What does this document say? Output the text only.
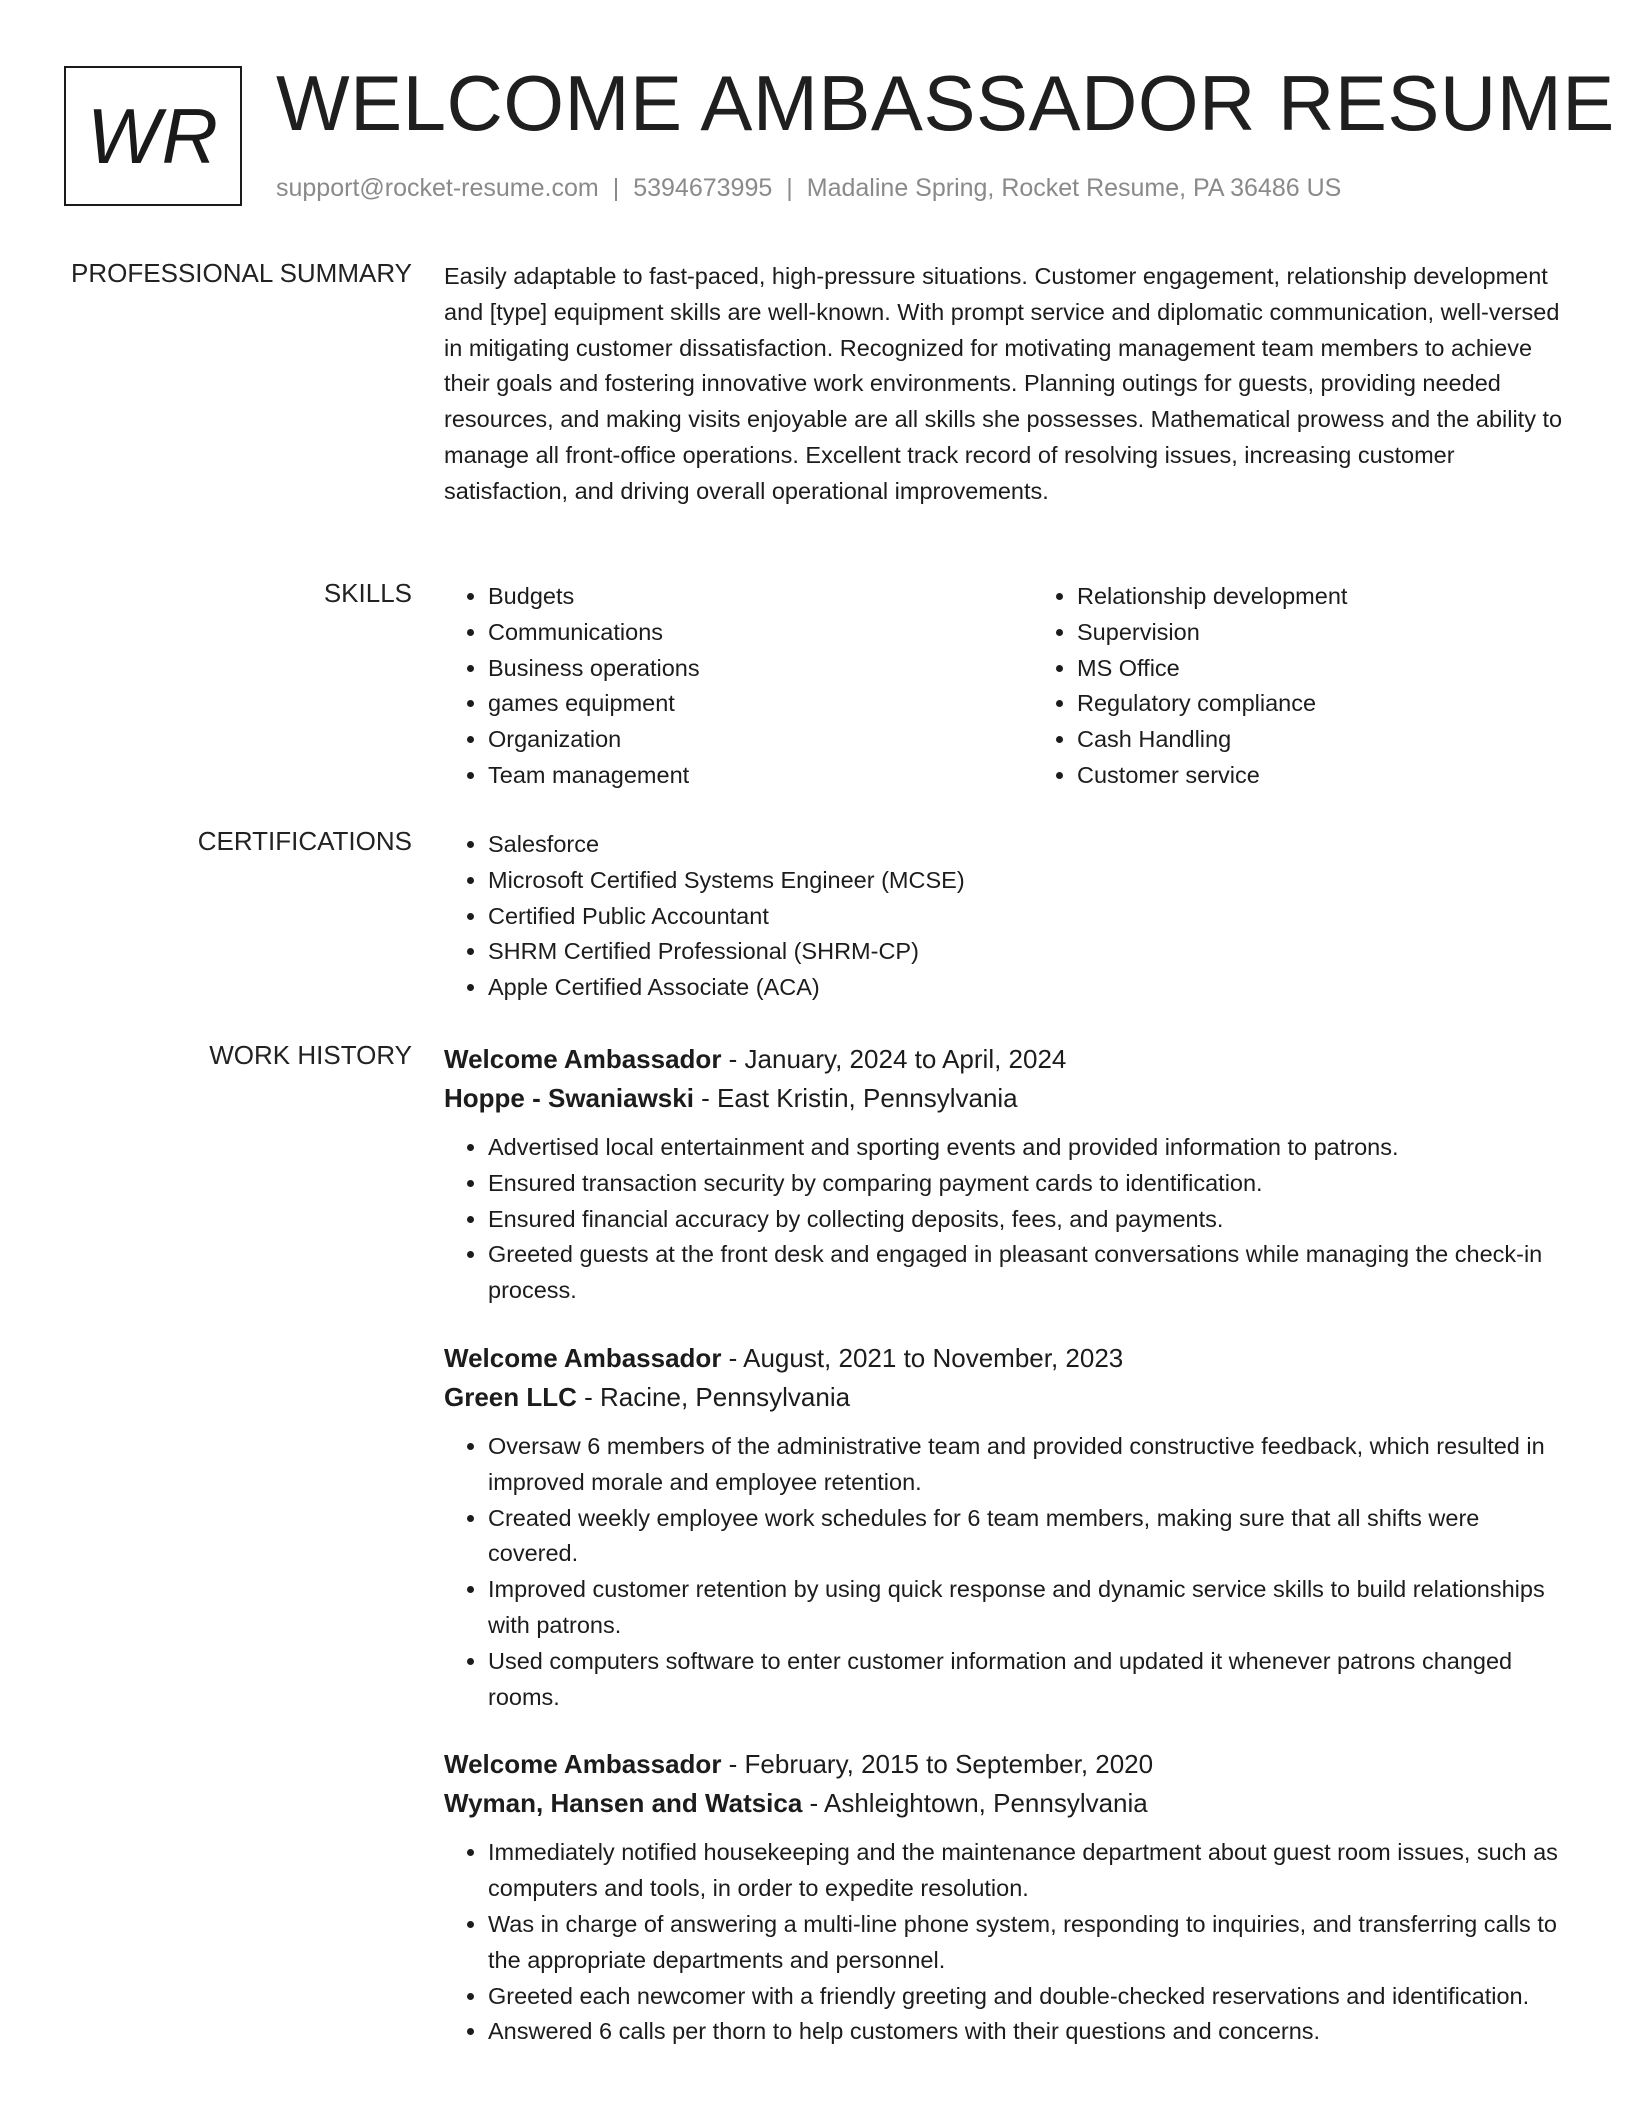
WR WELCOME AMBASSADOR RESUME
support@rocket-resume.com | 5394673995 | Madaline Spring, Rocket Resume, PA 36486 US
PROFESSIONAL SUMMARY Easily adaptable to fast-paced, high-pressure situations. Customer engagement, relationship development and [type] equipment skills are well-known. With prompt service and diplomatic communication, well-versed in mitigating customer dissatisfaction. Recognized for motivating management team members to achieve their goals and fostering innovative work environments. Planning outings for guests, providing needed resources, and making visits enjoyable are all skills she possesses. Mathematical prowess and the ability to manage all front-office operations. Excellent track record of resolving issues, increasing customer satisfaction, and driving overall operational improvements.

SKILLS	• Budgets
• Communications
• Business operations
• games equipment
• Organization
• Team management
• Relationship development
• Supervision
• MS Office
• Regulatory compliance
• Cash Handling
• Customer service
CERTIFICATIONS	• Salesforce
• Microsoft Certified Systems Engineer (MCSE)
• Certified Public Accountant
• SHRM Certified Professional (SHRM-CP)
• Apple Certified Associate (ACA)
WORK HISTORY Welcome Ambassador - January, 2024 to April, 2024
Hoppe - Swaniawski - East Kristin, Pennsylvania
• Advertised local entertainment and sporting events and provided information to patrons.
• Ensured transaction security by comparing payment cards to identification.
• Ensured financial accuracy by collecting deposits, fees, and payments.
• Greeted guests at the front desk and engaged in pleasant conversations while managing the check-in process.
Welcome Ambassador - August, 2021 to November, 2023
Green LLC - Racine, Pennsylvania
• Oversaw 6 members of the administrative team and provided constructive feedback, which resulted in improved morale and employee retention.
• Created weekly employee work schedules for 6 team members, making sure that all shifts were covered.
• Improved customer retention by using quick response and dynamic service skills to build relationships with patrons.
• Used computers software to enter customer information and updated it whenever patrons changed rooms.
Welcome Ambassador - February, 2015 to September, 2020
Wyman, Hansen and Watsica - Ashleightown, Pennsylvania
• Immediately notified housekeeping and the maintenance department about guest room issues, such as computers and tools, in order to expedite resolution.
• Was in charge of answering a multi-line phone system, responding to inquiries, and transferring calls to the appropriate departments and personnel.
• Greeted each newcomer with a friendly greeting and double-checked reservations and identification.
• Answered 6 calls per thorn to help customers with their questions and concerns.
